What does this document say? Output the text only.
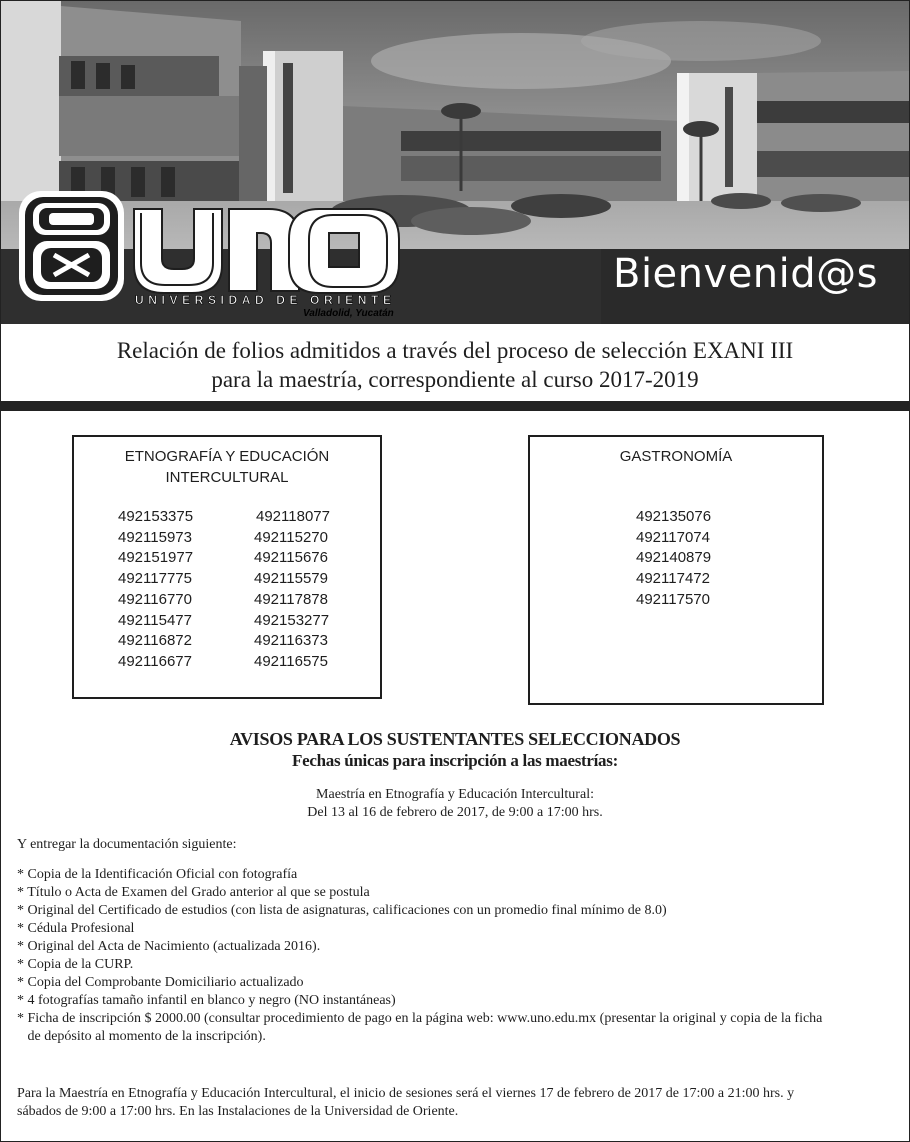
UNIVERSIDAD DE ORIENTE
Valladolid, Yucatán
Bienvenid@s
Relación de folios admitidos a través del proceso de selección EXANI III
para la maestría, correspondiente al curso 2017-2019
ETNOGRAFÍA Y EDUCACIÓN
INTERCULTURAL
492153375
492115973
492151977
492117775
492116770
492115477
492116872
492116677
492118077
492115270
492115676
492115579
492117878
492153277
492116373
492116575
GASTRONOMÍA
492135076
492117074
492140879
492117472
492117570
AVISOS PARA LOS SUSTENTANTES SELECCIONADOS
Fechas únicas para inscripción a las maestrías:
Maestría en Etnografía y Educación Intercultural:
Del 13 al 16 de febrero de 2017, de 9:00 a 17:00 hrs.
Y entregar la documentación siguiente:
* Copia de la Identificación Oficial con fotografía
* Título o Acta de Examen del Grado anterior al que se postula
* Original del Certificado de estudios (con lista de asignaturas, calificaciones con un promedio final mínimo de 8.0)
* Cédula Profesional
* Original del Acta de Nacimiento (actualizada 2016).
* Copia de la CURP.
* Copia del Comprobante Domiciliario actualizado
* 4 fotografías tamaño infantil en blanco y negro (NO instantáneas)
* Ficha de inscripción $ 2000.00 (consultar procedimiento de pago en la página web: www.uno.edu.mx (presentar la original y copia de la ficha
de depósito al momento de la inscripción).
Para la Maestría en Etnografía y Educación Intercultural, el inicio de sesiones será el viernes 17 de febrero de 2017 de 17:00 a 21:00 hrs. y
sábados de 9:00 a 17:00 hrs. En las Instalaciones de la Universidad de Oriente.
